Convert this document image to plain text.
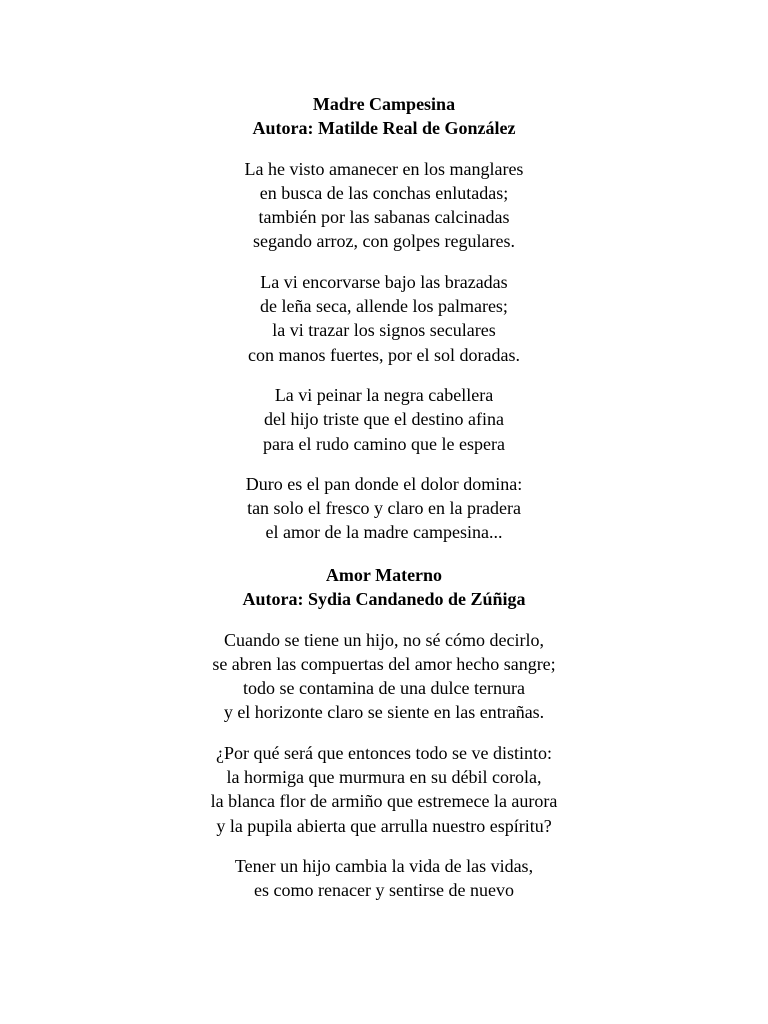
Madre Campesina
Autora: Matilde Real de González
La he visto amanecer en los manglares
en busca de las conchas enlutadas;
también por las sabanas calcinadas
segando arroz, con golpes regulares.
La vi encorvarse bajo las brazadas
de leña seca, allende los palmares;
la vi trazar los signos seculares
con manos fuertes, por el sol doradas.
La vi peinar la negra cabellera
del hijo triste que el destino afina
para el rudo camino que le espera
Duro es el pan donde el dolor domina:
tan solo el fresco y claro en la pradera
el amor de la madre campesina...
Amor Materno
Autora: Sydia Candanedo de Zúñiga
Cuando se tiene un hijo, no sé cómo decirlo,
se abren las compuertas del amor hecho sangre;
todo se contamina de una dulce ternura
y el horizonte claro se siente en las entrañas.
¿Por qué será que entonces todo se ve distinto:
la hormiga que murmura en su débil corola,
la blanca flor de armiño que estremece la aurora
y la pupila abierta que arrulla nuestro espíritu?
Tener un hijo cambia la vida de las vidas,
es como renacer y sentirse de nuevo
